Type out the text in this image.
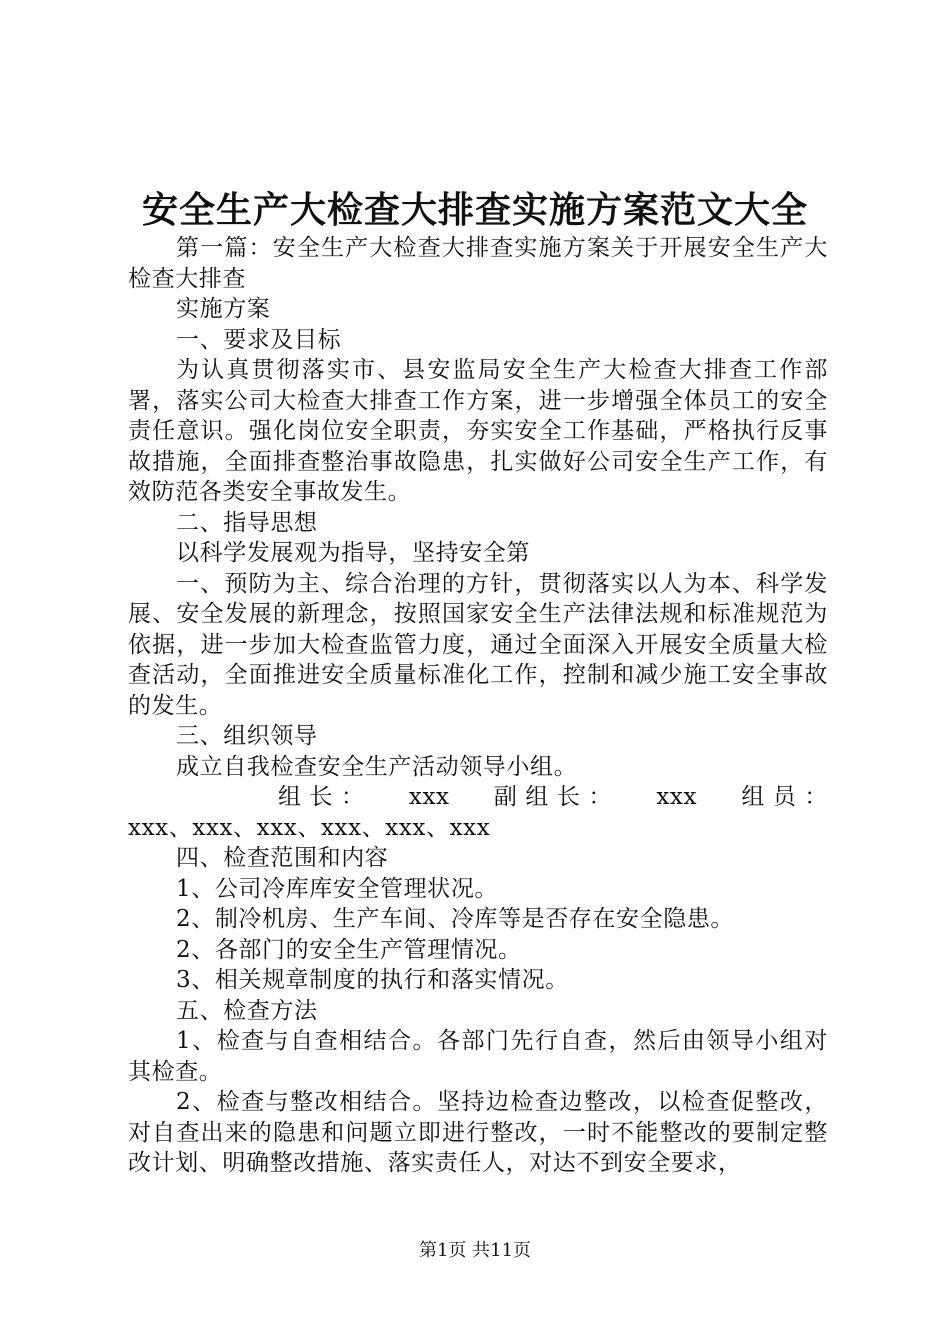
安全生产大检查大排查实施方案范文大全

第一篇：安全生产大检查大排查实施方案关于开展安全生产大检查大排查

实施方案

一、要求及目标

为认真贯彻落实市、县安监局安全生产大检查大排查工作部署，落实公司大检查大排查工作方案，进一步增强全体员工的安全责任意识。强化岗位安全职责，夯实安全工作基础，严格执行反事故措施，全面排查整治事故隐患，扎实做好公司安全生产工作，有效防范各类安全事故发生。

二、指导思想

以科学发展观为指导，坚持安全第

一、预防为主、综合治理的方针，贯彻落实以人为本、科学发展、安全发展的新理念，按照国家安全生产法律法规和标准规范为依据，进一步加大检查监管力度，通过全面深入开展安全质量大检查活动，全面推进安全质量标准化工作，控制和减少施工安全事故的发生。

三、组织领导

成立自我检查安全生产活动领导小组。

组 长 ： xxx 副 组 长 ： xxx 组 员 ：
xxx、xxx、xxx、xxx、xxx、xxx

四、检查范围和内容

1、公司冷库库安全管理状况。

2、制冷机房、生产车间、冷库等是否存在安全隐患。

2、各部门的安全生产管理情况。

3、相关规章制度的执行和落实情况。

五、检查方法

1、检查与自查相结合。各部门先行自查，然后由领导小组对其检查。

2、检查与整改相结合。坚持边检查边整改，以检查促整改，对自查出来的隐患和问题立即进行整改，一时不能整改的要制定整改计划、明确整改措施、落实责任人，对达不到安全要求，

第1页 共11页
